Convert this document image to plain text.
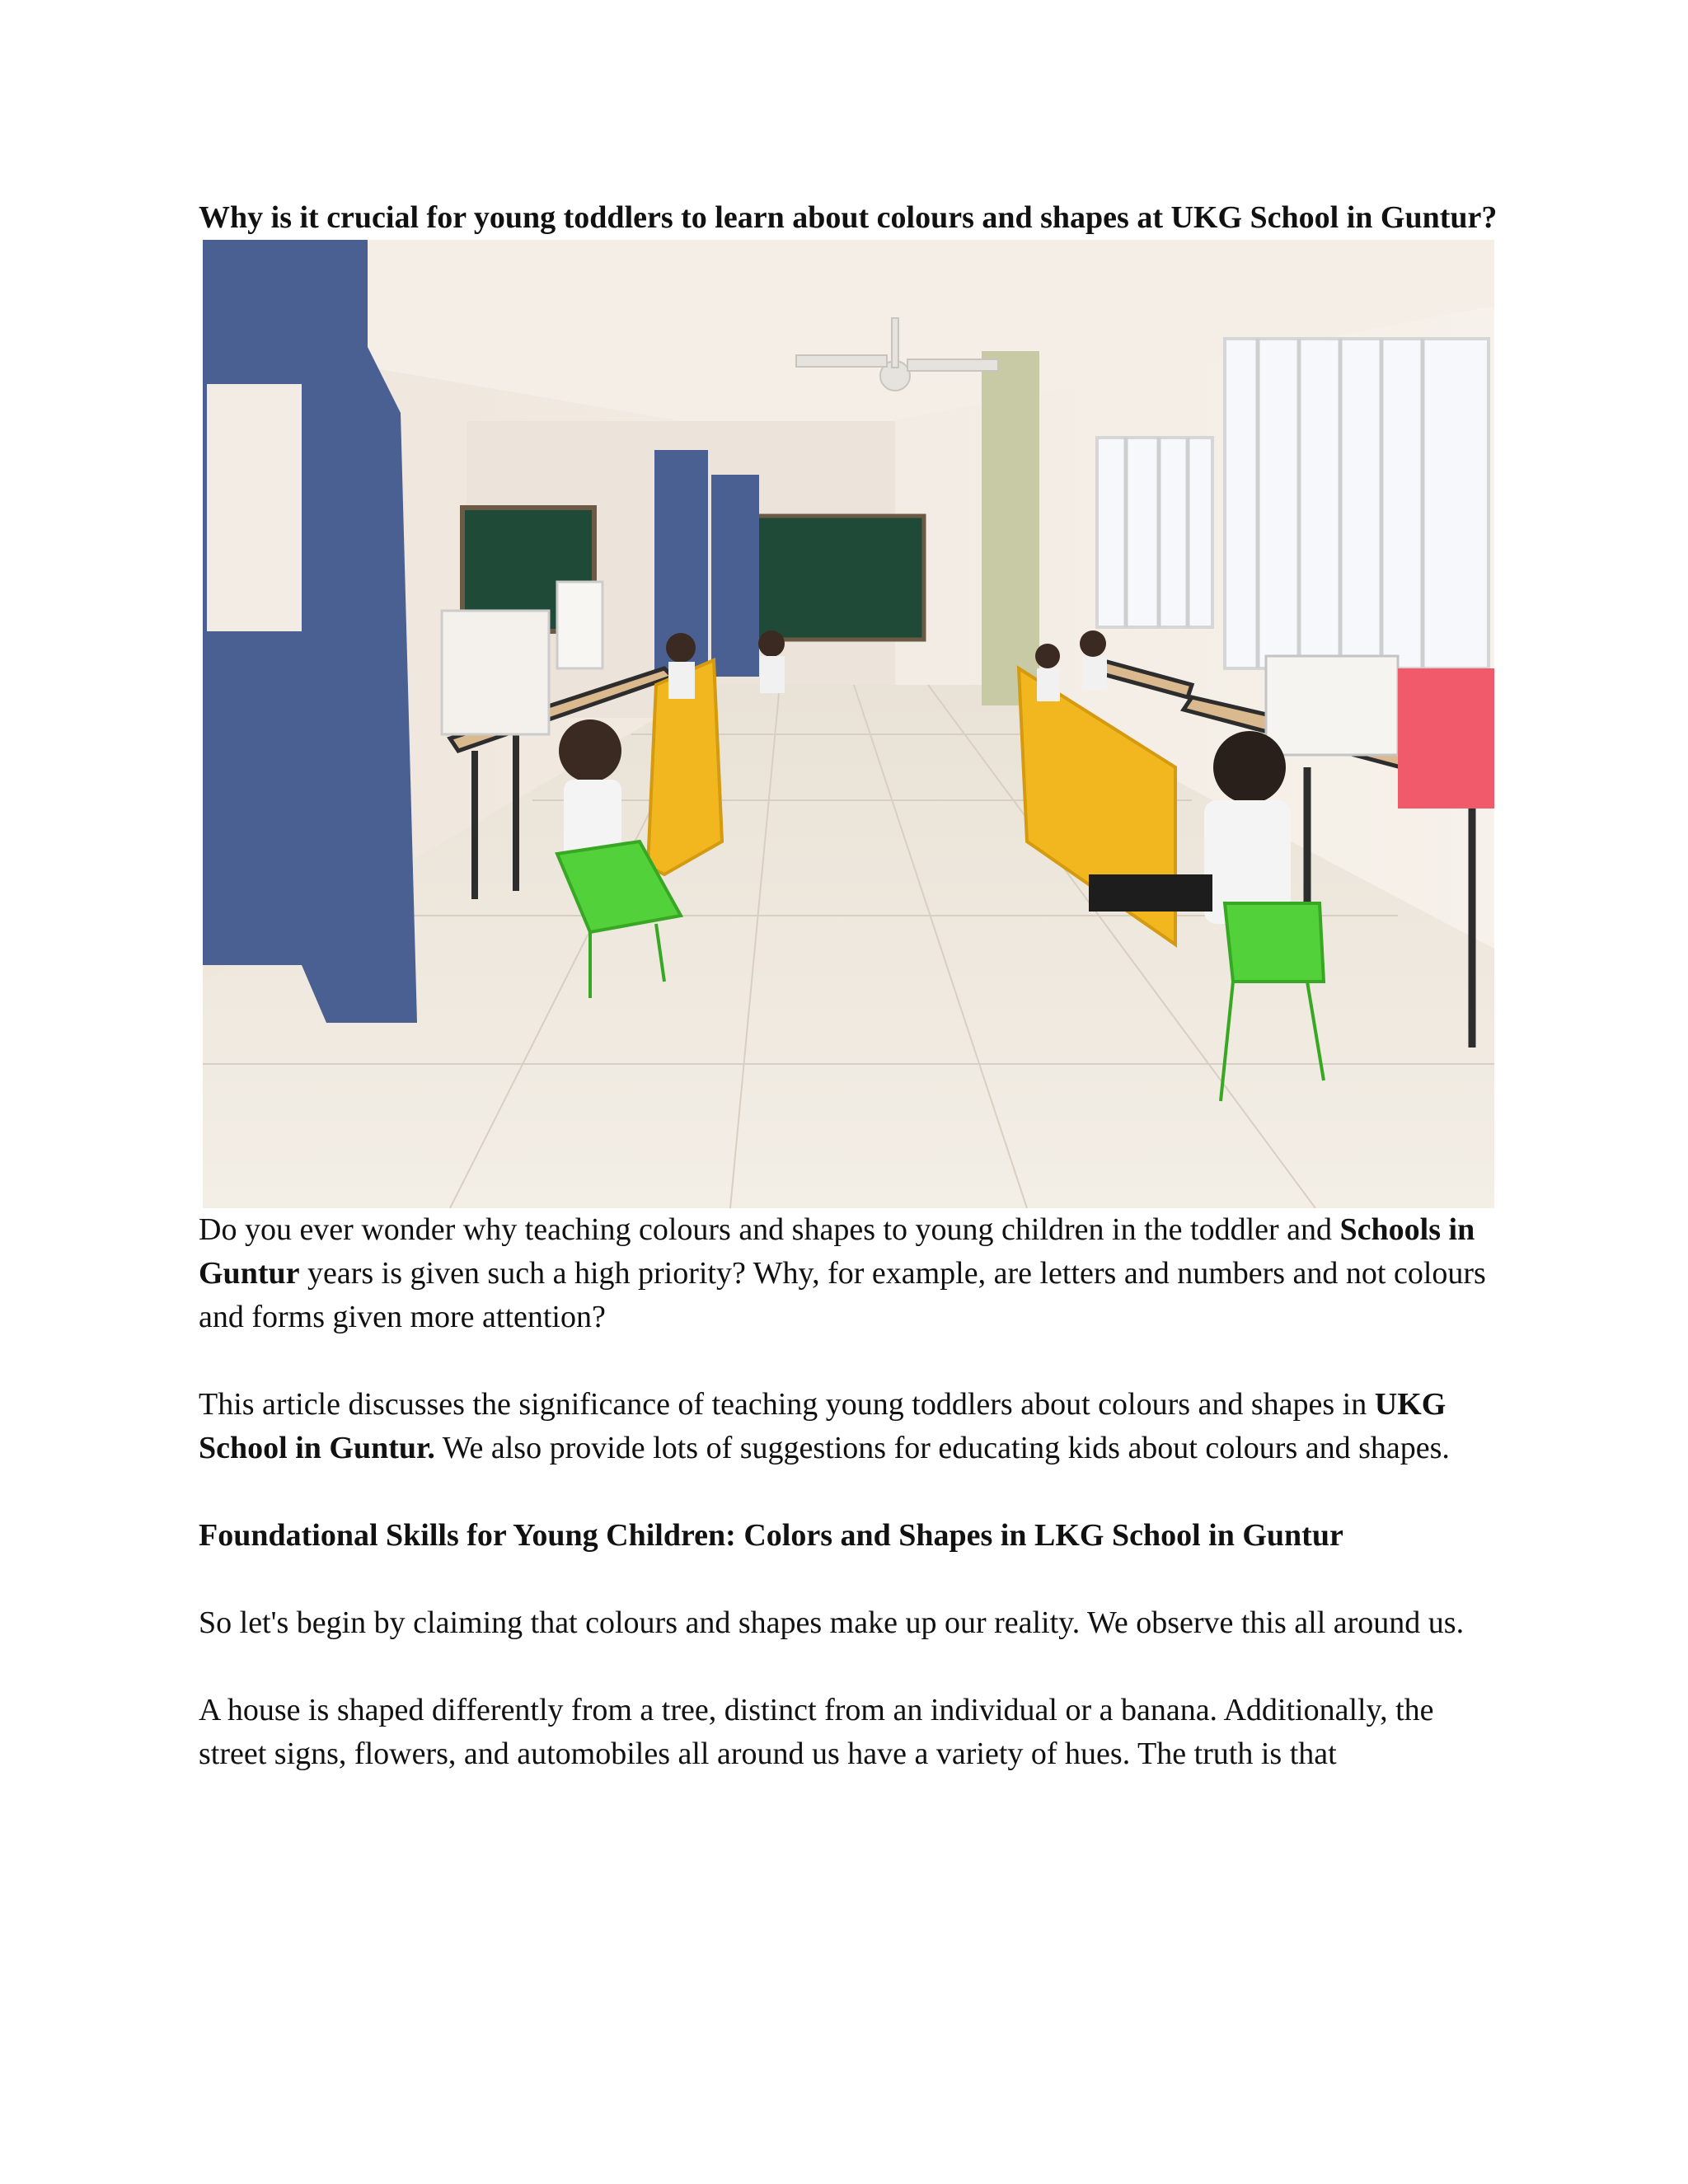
Why is it crucial for young toddlers to learn about colours and shapes at UKG School in Guntur?

Do you ever wonder why teaching colours and shapes to young children in the toddler and Schools in Guntur years is given such a high priority? Why, for example, are letters and numbers and not colours and forms given more attention?

This article discusses the significance of teaching young toddlers about colours and shapes in UKG School in Guntur. We also provide lots of suggestions for educating kids about colours and shapes.

Foundational Skills for Young Children: Colors and Shapes in LKG School in Guntur

So let's begin by claiming that colours and shapes make up our reality. We observe this all around us.

A house is shaped differently from a tree, distinct from an individual or a banana. Additionally, the street signs, flowers, and automobiles all around us have a variety of hues. The truth is that
